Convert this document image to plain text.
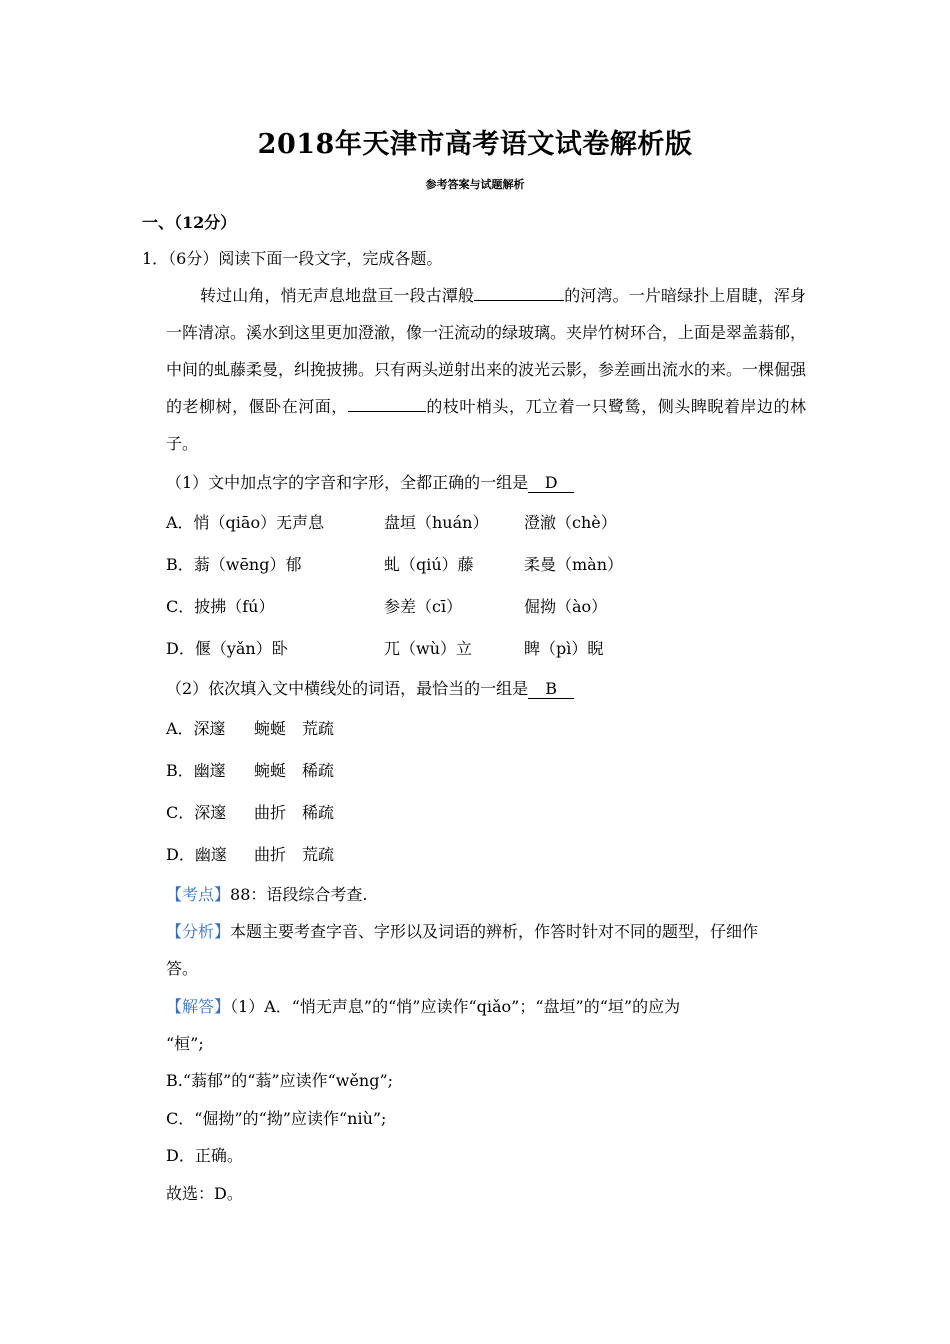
2018年天津市高考语文试卷解析版
参考答案与试题解析
一、（12分）
1．（6分）阅读下面一段文字，完成各题。
转过山角，悄无声息地盘亘一段古潭般	的河湾。一片暗绿扑上眉睫，浑身一阵清凉。溪水到这里更加澄澈，像一汪流动的绿玻璃。夹岸竹树环合，上面是翠盖蓊郁，中间的虬藤柔曼，纠挽披拂。只有两头逆射出来的波光云影，参差画出流水的来。一棵倔强的老柳树，偃卧在河面，	的枝叶梢头，兀立着一只鹭鸶，侧头睥睨着岸边的林子。
（1）文中加点字的字音和字形，全都正确的一组是 D
A．悄（qiāo）无声息	盘垣（huán） 澄澈（chè）
B．蓊（wēng）郁	虬（qiú）藤	柔曼（màn）
C．披拂（fú）	参差（cī）	倔拗（ào）
D．偃（yǎn）卧	兀（wù）立	睥（pì）睨
（2）依次填入文中横线处的词语，最恰当的一组是 B
A．深邃 蜿蜒 荒疏
B．幽邃 蜿蜒 稀疏
C．深邃 曲折 稀疏
D．幽邃 曲折 荒疏
【考点】88：语段综合考查.
【分析】本题主要考查字音、字形以及词语的辨析，作答时针对不同的题型，仔细作
答。
【解答】（1）A．“悄无声息”的“悄”应读作“qiǎo”；“盘垣”的“垣”的应为
“桓”;
B.“蓊郁”的“蓊”应读作“wěng”;
C．“倔拗”的“拗”应读作“niù”;
D．正确。
故选：D。
